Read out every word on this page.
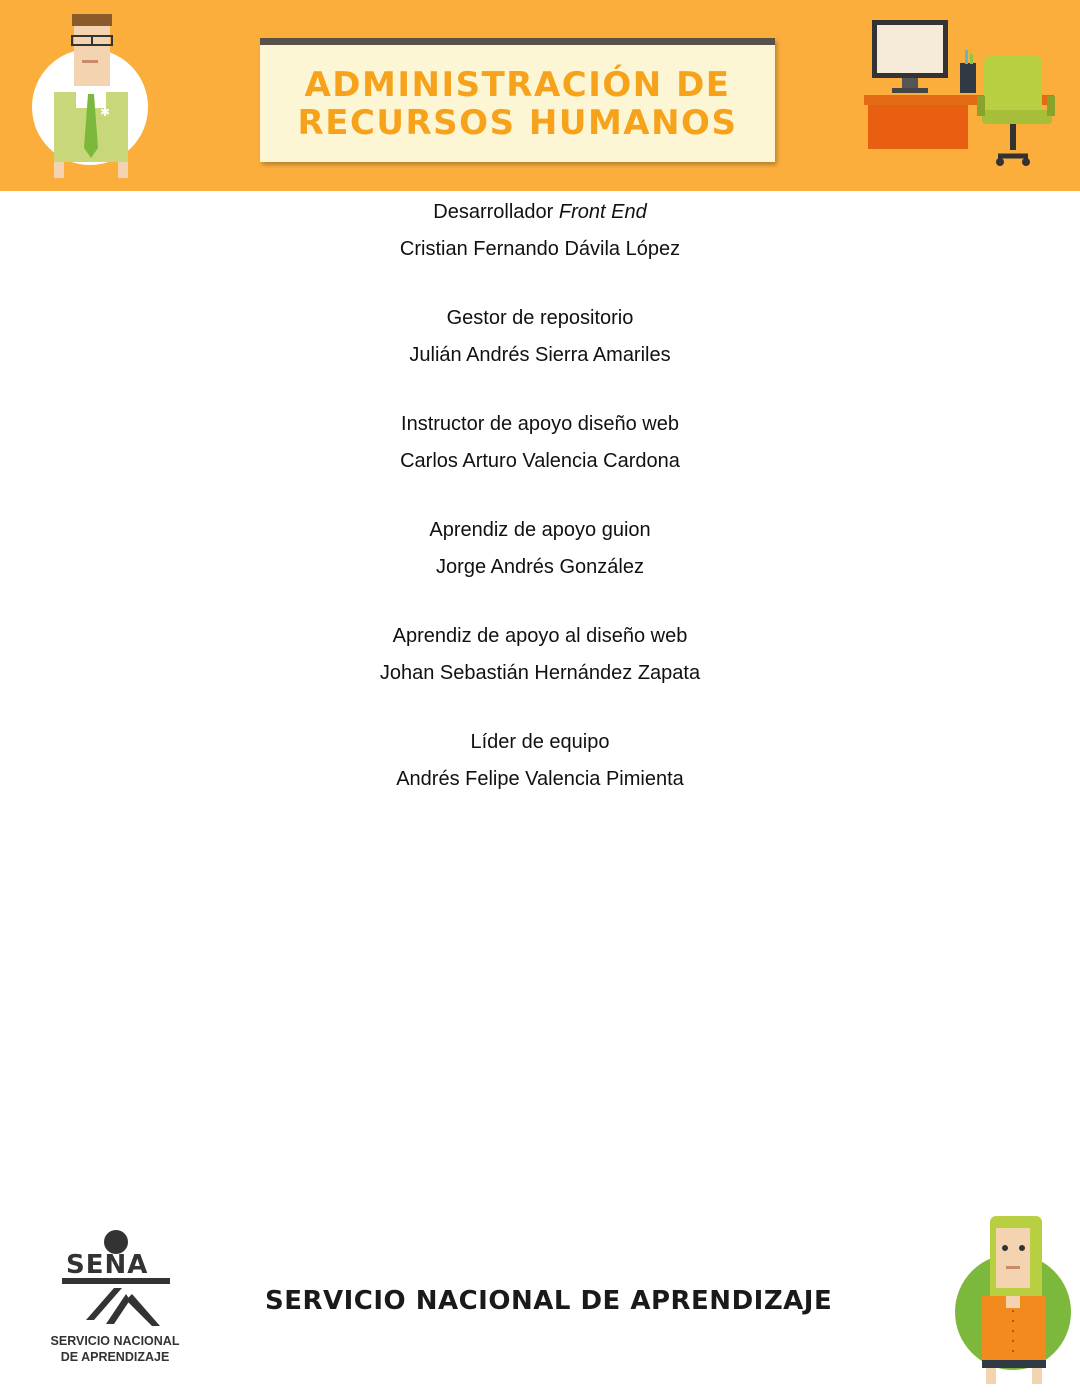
✱
ADMINISTRACIÓN DE
RECURSOS HUMANOS
Desarrollador Front End
Cristian Fernando Dávila López
Gestor de repositorio
Julián Andrés Sierra Amariles
Instructor de apoyo diseño web
Carlos Arturo Valencia Cardona
Aprendiz de apoyo guion
Jorge Andrés González
Aprendiz de apoyo al diseño web
Johan Sebastián Hernández Zapata
Líder de equipo
Andrés Felipe Valencia Pimienta
SENA
SERVICIO NACIONAL
DE APRENDIZAJE
SERVICIO NACIONAL DE APRENDIZAJE
